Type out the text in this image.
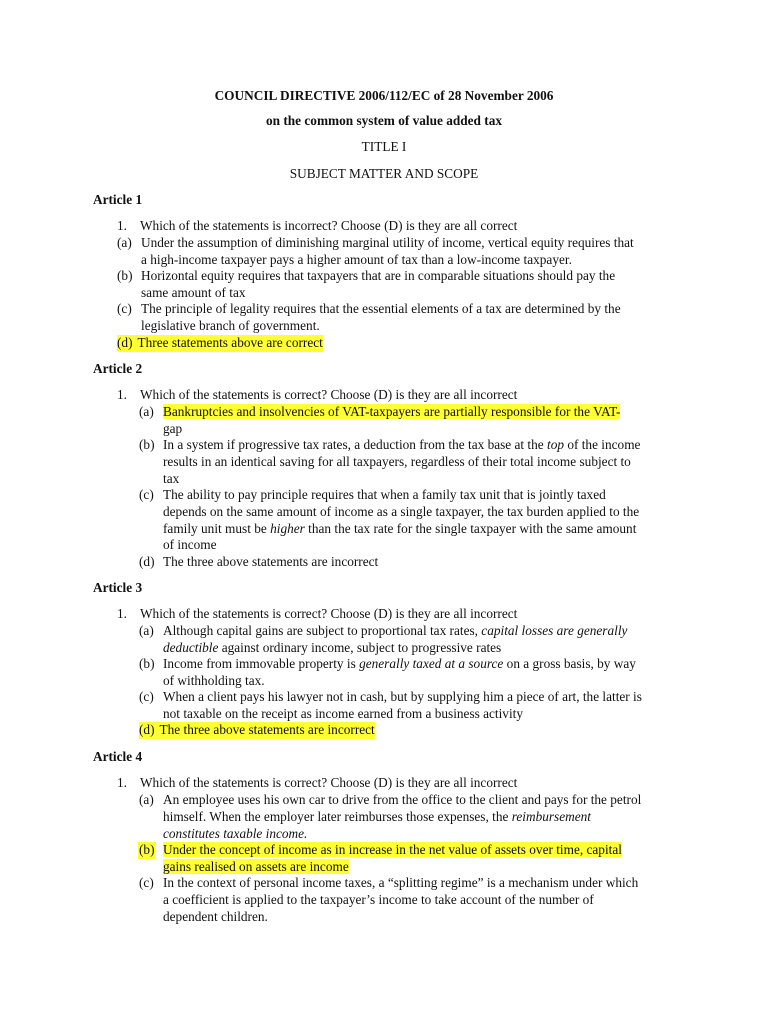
COUNCIL DIRECTIVE 2006/112/EC of 28 November 2006
on the common system of value added tax
TITLE I
SUBJECT MATTER AND SCOPE
Article 1
1. Which of the statements is incorrect? Choose (D) is they are all correct
(a) Under the assumption of diminishing marginal utility of income, vertical equity requires that
a high-income taxpayer pays a higher amount of tax than a low-income taxpayer.
(b) Horizontal equity requires that taxpayers that are in comparable situations should pay the
same amount of tax
(c) The principle of legality requires that the essential elements of a tax are determined by the
legislative branch of government.
(d) Three statements above are correct
Article 2
1. Which of the statements is correct? Choose (D) is they are all incorrect
(a) Bankruptcies and insolvencies of VAT-taxpayers are partially responsible for the VAT-
gap
(b) In a system if progressive tax rates, a deduction from the tax base at the top of the income
results in an identical saving for all taxpayers, regardless of their total income subject to
tax
(c) The ability to pay principle requires that when a family tax unit that is jointly taxed
depends on the same amount of income as a single taxpayer, the tax burden applied to the
family unit must be higher than the tax rate for the single taxpayer with the same amount
of income
(d) The three above statements are incorrect
Article 3
1. Which of the statements is correct? Choose (D) is they are all incorrect
(a) Although capital gains are subject to proportional tax rates, capital losses are generally
deductible against ordinary income, subject to progressive rates
(b) Income from immovable property is generally taxed at a source on a gross basis, by way
of withholding tax.
(c) When a client pays his lawyer not in cash, but by supplying him a piece of art, the latter is
not taxable on the receipt as income earned from a business activity
(d) The three above statements are incorrect
Article 4
1. Which of the statements is correct? Choose (D) is they are all incorrect
(a) An employee uses his own car to drive from the office to the client and pays for the petrol
himself. When the employer later reimburses those expenses, the reimbursement
constitutes taxable income.
(b) Under the concept of income as in increase in the net value of assets over time, capital
gains realised on assets are income
(c) In the context of personal income taxes, a “splitting regime” is a mechanism under which
a coefficient is applied to the taxpayer’s income to take account of the number of
dependent children.
